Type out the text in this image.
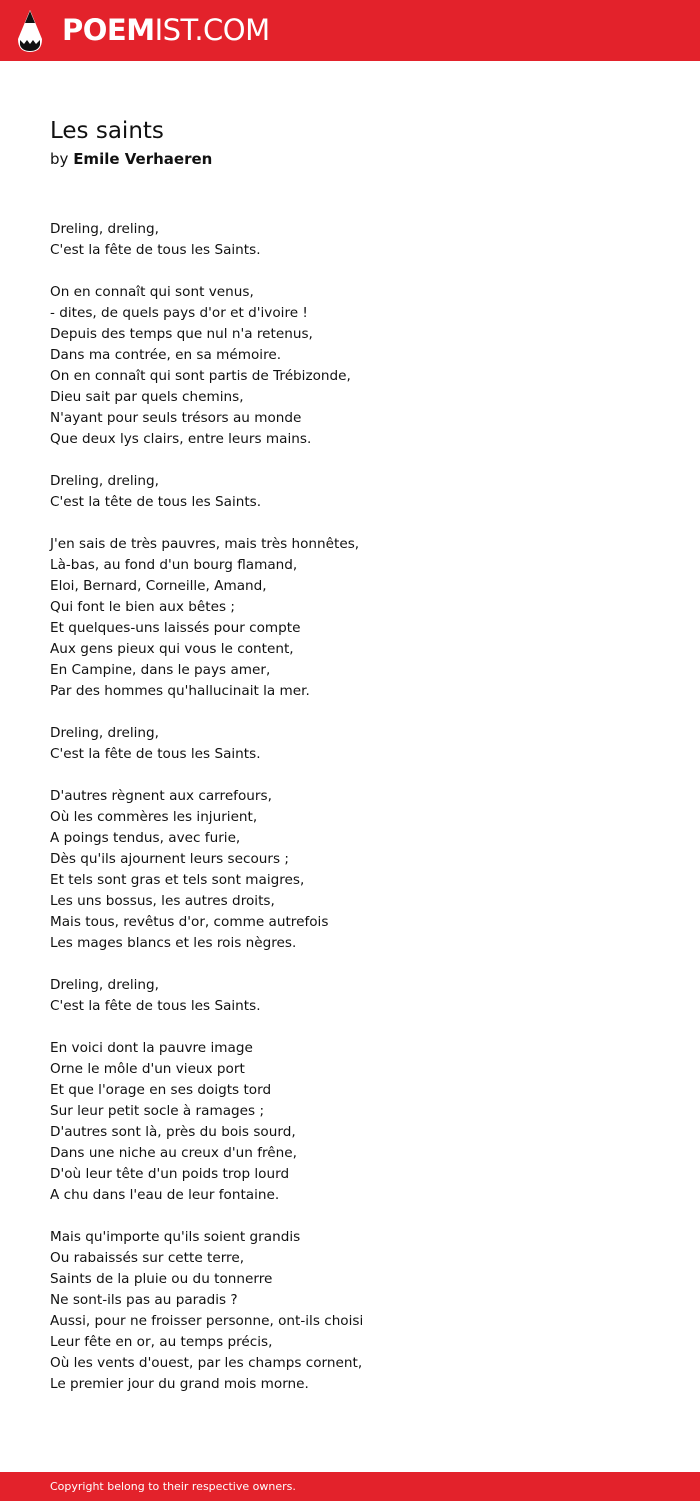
POEMIST.COM
Les saints
by Emile Verhaeren
Dreling, dreling,
C'est la fête de tous les Saints.
On en connaît qui sont venus,
- dites, de quels pays d'or et d'ivoire !
Depuis des temps que nul n'a retenus,
Dans ma contrée, en sa mémoire.
On en connaît qui sont partis de Trébizonde,
Dieu sait par quels chemins,
N'ayant pour seuls trésors au monde
Que deux lys clairs, entre leurs mains.
Dreling, dreling,
C'est la tête de tous les Saints.
J'en sais de très pauvres, mais très honnêtes,
Là-bas, au fond d'un bourg flamand,
Eloi, Bernard, Corneille, Amand,
Qui font le bien aux bêtes ;
Et quelques-uns laissés pour compte
Aux gens pieux qui vous le content,
En Campine, dans le pays amer,
Par des hommes qu'hallucinait la mer.
Dreling, dreling,
C'est la fête de tous les Saints.
D'autres règnent aux carrefours,
Où les commères les injurient,
A poings tendus, avec furie,
Dès qu'ils ajournent leurs secours ;
Et tels sont gras et tels sont maigres,
Les uns bossus, les autres droits,
Mais tous, revêtus d'or, comme autrefois
Les mages blancs et les rois nègres.
Dreling, dreling,
C'est la fête de tous les Saints.
En voici dont la pauvre image
Orne le môle d'un vieux port
Et que l'orage en ses doigts tord
Sur leur petit socle à ramages ;
D'autres sont là, près du bois sourd,
Dans une niche au creux d'un frêne,
D'où leur tête d'un poids trop lourd
A chu dans l'eau de leur fontaine.
Mais qu'importe qu'ils soient grandis
Ou rabaissés sur cette terre,
Saints de la pluie ou du tonnerre
Ne sont-ils pas au paradis ?
Aussi, pour ne froisser personne, ont-ils choisi
Leur fête en or, au temps précis,
Où les vents d'ouest, par les champs cornent,
Le premier jour du grand mois morne.
Copyright belong to their respective owners.
